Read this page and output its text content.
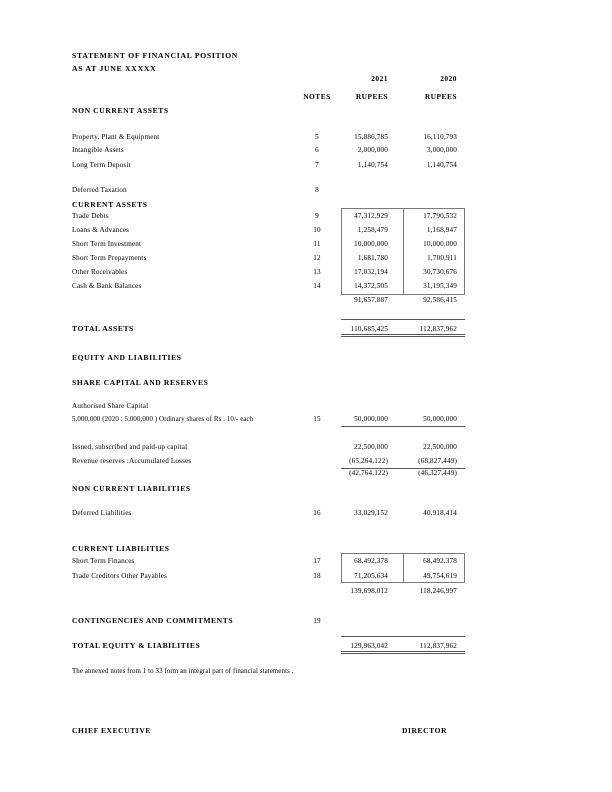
STATEMENT OF FINANCIAL POSITION
AS AT JUNE XXXXX
2021	2020
NOTES	RUPEES	RUPEES
NON CURRENT ASSETS
Property, Plant & Equipment	5	15,886,785	16,110,793
Intangible Assets	6	2,000,000	3,000,000
Long Term Deposit	7	1,140,754	1,140,754
Deferred Taxation	8
CURRENT ASSETS
Trade Debts	9	47,312,929	17,790,532
Loans & Advances	10	1,258,479	1,168,947
Short Term Investment	11	10,000,000	10,000,000
Short Term Prepayments	12	1,681,780	1,700,911
Other Receivables	13	17,032,194	30,730,676
Cash & Bank Balances	14	14,372,505	31,195,349
91,657,887	92,586,415
TOTAL ASSETS	110,685,425	112,837,962
EQUITY AND LIABILITIES
SHARE CAPITAL AND RESERVES
Authorised Share Capital
5,000,000 (2020 : 5,000,000 ) Ordinary shares of Rs . 10/- each	15	50,000,000	50,000,000
Issued, subscribed and paid-up capital	22,500,000	22,500,000
Revenue reserves :Accumulated Losses	(65,264,122)	(68,827,449)
(42,764,122)	(46,327,449)
NON CURRENT LIABILITIES
Deferred Liabilities	16	33,029,152	40,918,414
CURRENT LIABILITIES
Short Term Finances	17	68,492,378	68,492,378
Trade Creditors Other Payables	18	71,205,634	49,754,619
139,698,012	118,246,997
CONTINGENCIES AND COMMITMENTS	19
TOTAL EQUITY & LIABILITIES	129,963,042	112,837,962
The annexed notes from 1 to 33 form an integral part of financial statements .
CHIEF EXECUTIVE	DIRECTOR
